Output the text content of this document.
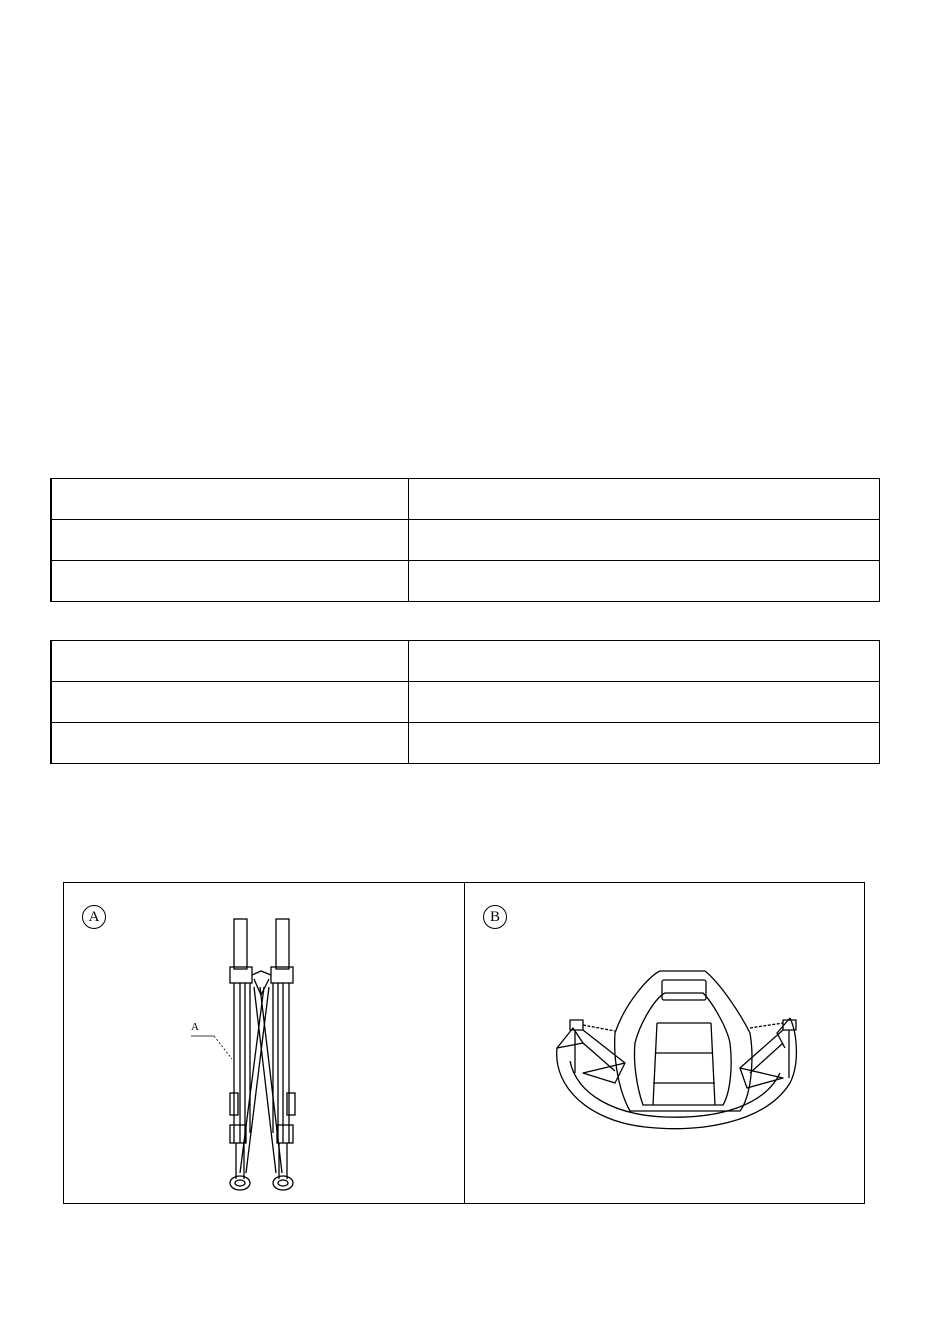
A
A
B
